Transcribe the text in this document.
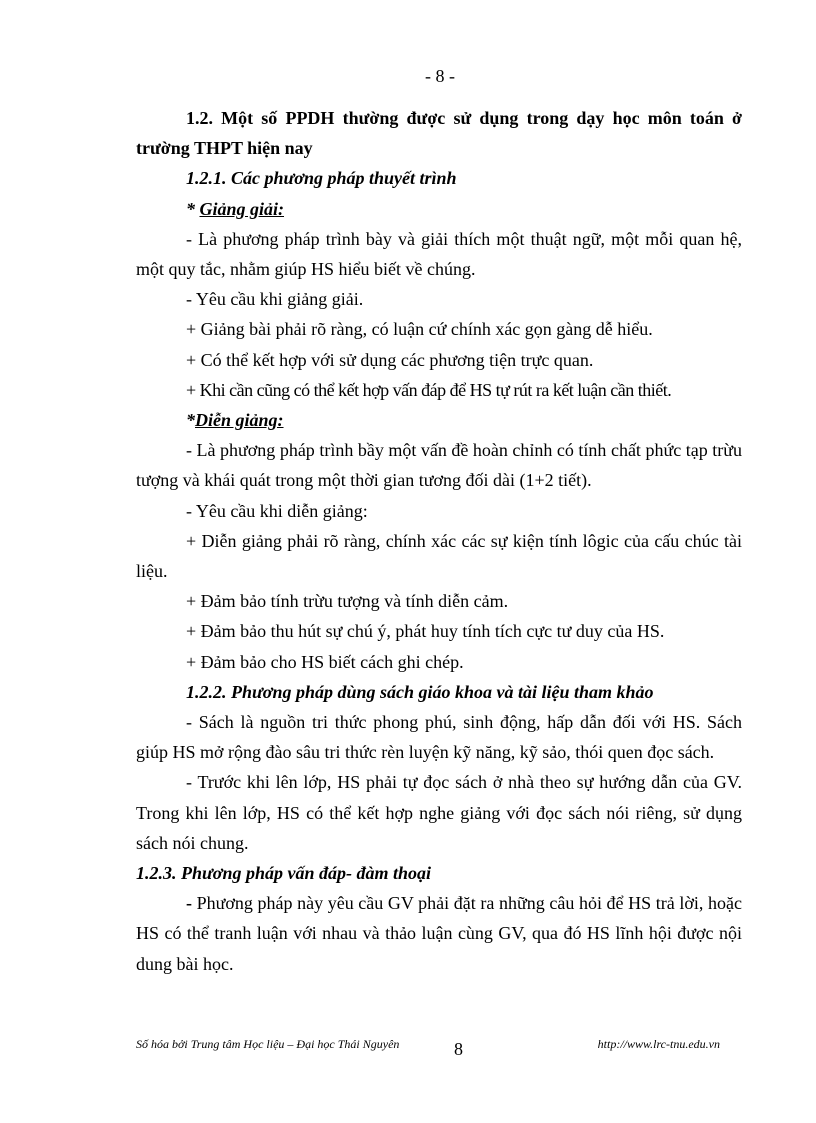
- 8 -

1.2. Một số PPDH thường được sử dụng trong dạy học môn toán ở trường THPT hiện nay

1.2.1. Các phương pháp thuyết trình

* Giảng giải:

- Là phương pháp trình bày và giải thích một thuật ngữ, một mỗi quan hệ, một quy tắc, nhằm giúp HS hiểu biết về chúng.

- Yêu cầu khi giảng giải.

+ Giảng bài phải rõ ràng, có luận cứ chính xác gọn gàng dễ hiểu.

+ Có thể kết hợp với sử dụng các phương tiện trực quan.

+ Khi cần cũng có thể kết hợp vấn đáp để HS tự rút ra kết luận cần thiết.

*Diễn giảng:

- Là phương pháp trình bầy một vấn đề hoàn chỉnh có tính chất phức tạp trừu tượng và khái quát trong một thời gian tương đối dài (1+2 tiết).

- Yêu cầu khi diễn giảng:

+ Diễn giảng phải rõ ràng, chính xác các sự kiện tính lôgic của cấu chúc tài liệu.

+ Đảm bảo tính trừu tượng và tính diễn cảm.

+ Đảm bảo thu hút sự chú ý, phát huy tính tích cực tư duy của HS.

+ Đảm bảo cho HS biết cách ghi chép.

1.2.2. Phương pháp dùng sách giáo khoa và tài liệu tham khảo

- Sách là nguồn tri thức phong phú, sinh động, hấp dẫn đối với HS. Sách giúp HS mở rộng đào sâu tri thức rèn luyện kỹ năng, kỹ sảo, thói quen đọc sách.

- Trước khi lên lớp, HS phải tự đọc sách ở nhà theo sự hướng dẫn của GV. Trong khi lên lớp, HS có thể kết hợp nghe giảng với đọc sách nói riêng, sử dụng sách nói chung.

1.2.3. Phương pháp vấn đáp- đàm thoại

- Phương pháp này yêu cầu GV phải đặt ra những câu hỏi để HS trả lời, hoặc HS có thể tranh luận với nhau và thảo luận cùng GV, qua đó HS lĩnh hội được nội dung bài học.

Số hóa bởi Trung tâm Học liệu – Đại học Thái Nguyên	8	http://www.lrc-tnu.edu.vn
